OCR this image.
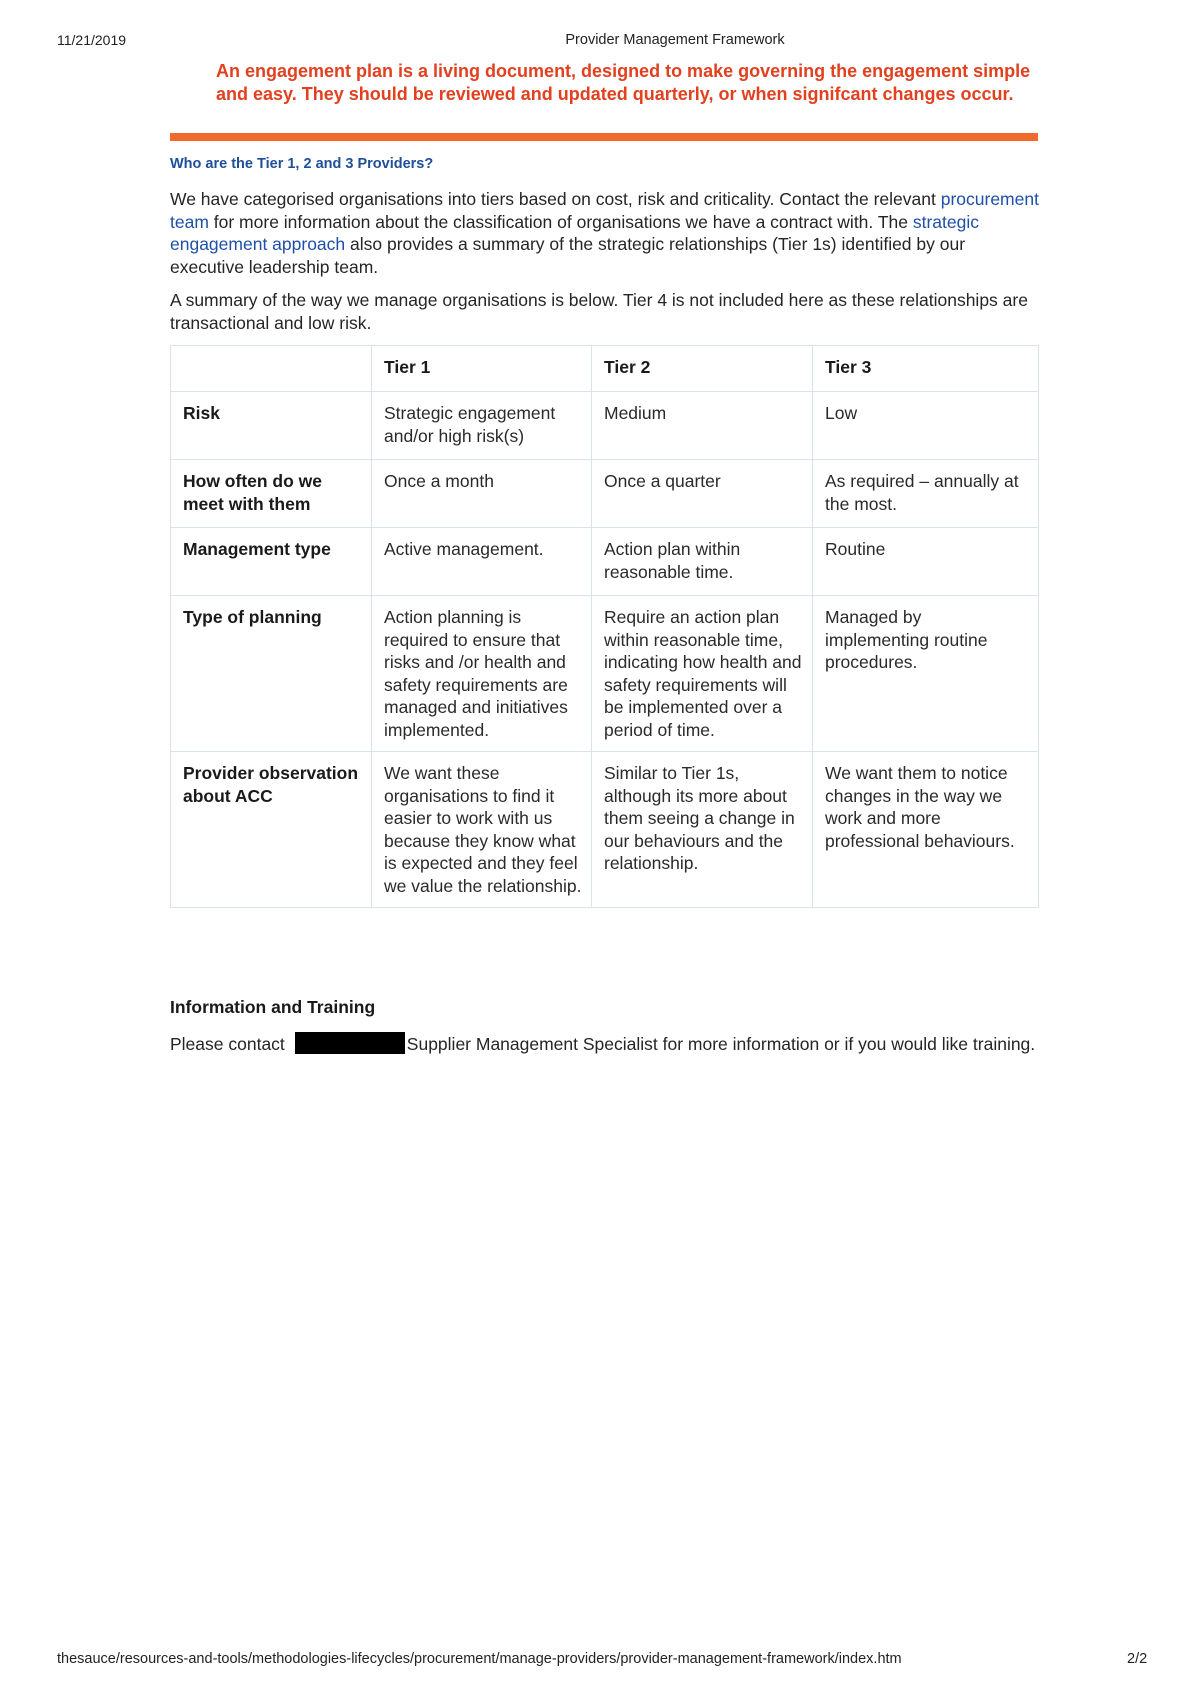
11/21/2019	Provider Management Framework
An engagement plan is a living document, designed to make governing the engagement simple and easy. They should be reviewed and updated quarterly, or when signifcant changes occur.
Who are the Tier 1, 2 and 3 Providers?
We have categorised organisations into tiers based on cost, risk and criticality. Contact the relevant procurement team for more information about the classification of organisations we have a contract with. The strategic engagement approach also provides a summary of the strategic relationships (Tier 1s) identified by our executive leadership team.
A summary of the way we manage organisations is below. Tier 4 is not included here as these relationships are transactional and low risk.
	Tier 1	Tier 2	Tier 3
Risk	Strategic engagement and/or high risk(s)	Medium	Low
How often do we meet with them	Once a month	Once a quarter	As required – annually at the most.
Management type	Active management.	Action plan within reasonable time.	Routine
Type of planning	Action planning is required to ensure that risks and /or health and safety requirements are managed and initiatives implemented.	Require an action plan within reasonable time, indicating how health and safety requirements will be implemented over a period of time.	Managed by implementing routine procedures.
Provider observation about ACC	We want these organisations to find it easier to work with us because they know what is expected and they feel we value the relationship.	Similar to Tier 1s, although its more about them seeing a change in our behaviours and the relationship.	We want them to notice changes in the way we work and more professional behaviours.
Information and Training
Please contact	Supplier Management Specialist for more information or if you would like training.
thesauce/resources-and-tools/methodologies-lifecycles/procurement/manage-providers/provider-management-framework/index.htm	2/2
